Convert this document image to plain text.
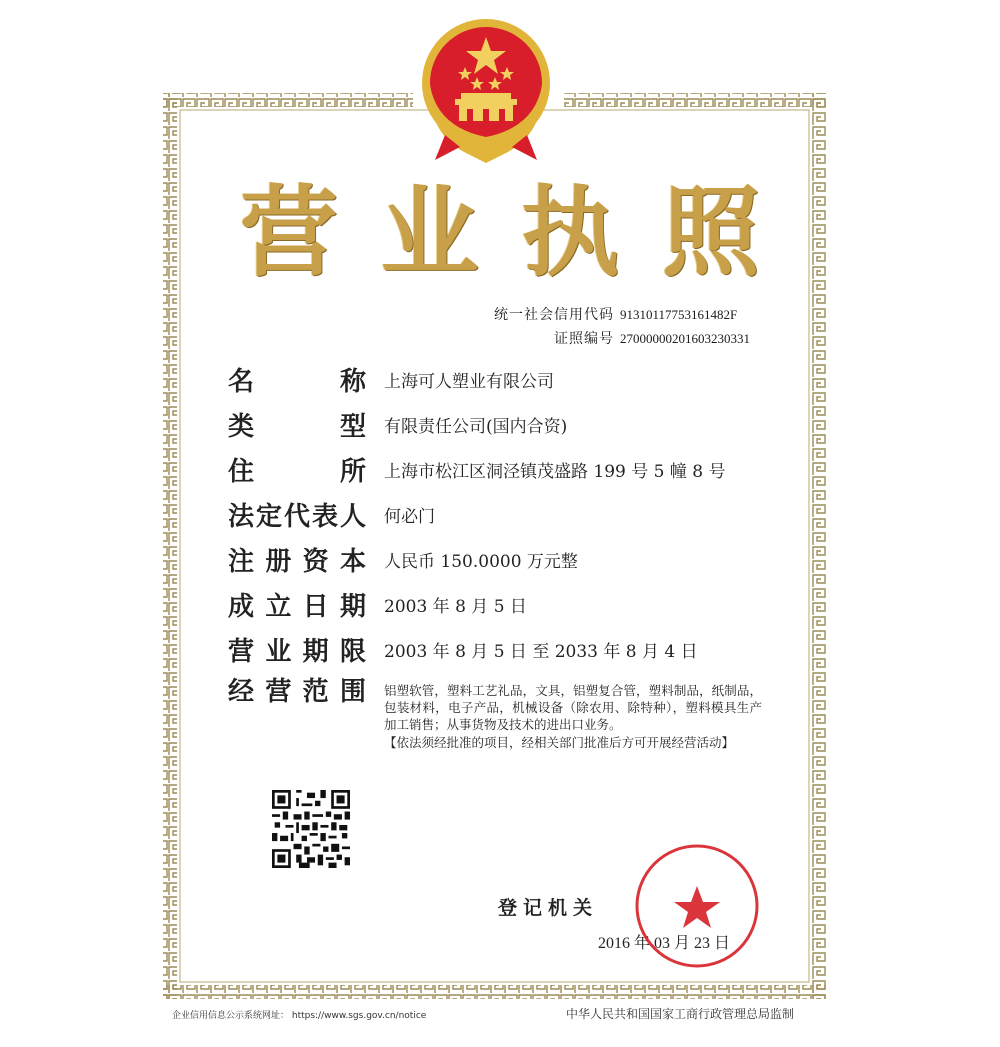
营 业 执 照
统一社会信用代码 91310117753161482F
证照编号 27000000201603230331
名	称 上海可人塑业有限公司
类	型 有限责任公司(国内合资)
住	所 上海市松江区洞泾镇茂盛路 199 号 5 幢 8 号
法 定 代 表 人 何必门
注 册 资 本 人民币 150.0000 万元整
成 立 日 期 2003 年 8 月 5 日
营 业 期 限 2003 年 8 月 5 日 至 2033 年 8 月 4 日
经 营 范 围 铝塑软管，塑料工艺礼品，文具，铝塑复合管，塑料制品，纸制品，包装材料，电子产品，机械设备（除农用、除特种），塑料模具生产加工销售；从事货物及技术的进出口业务。
【依法须经批准的项目，经相关部门批准后方可开展经营活动】
登记机关
2016 年 03 月 23 日
企业信用信息公示系统网址： https://www.sgs.gov.cn/notice	中华人民共和国国家工商行政管理总局监制
